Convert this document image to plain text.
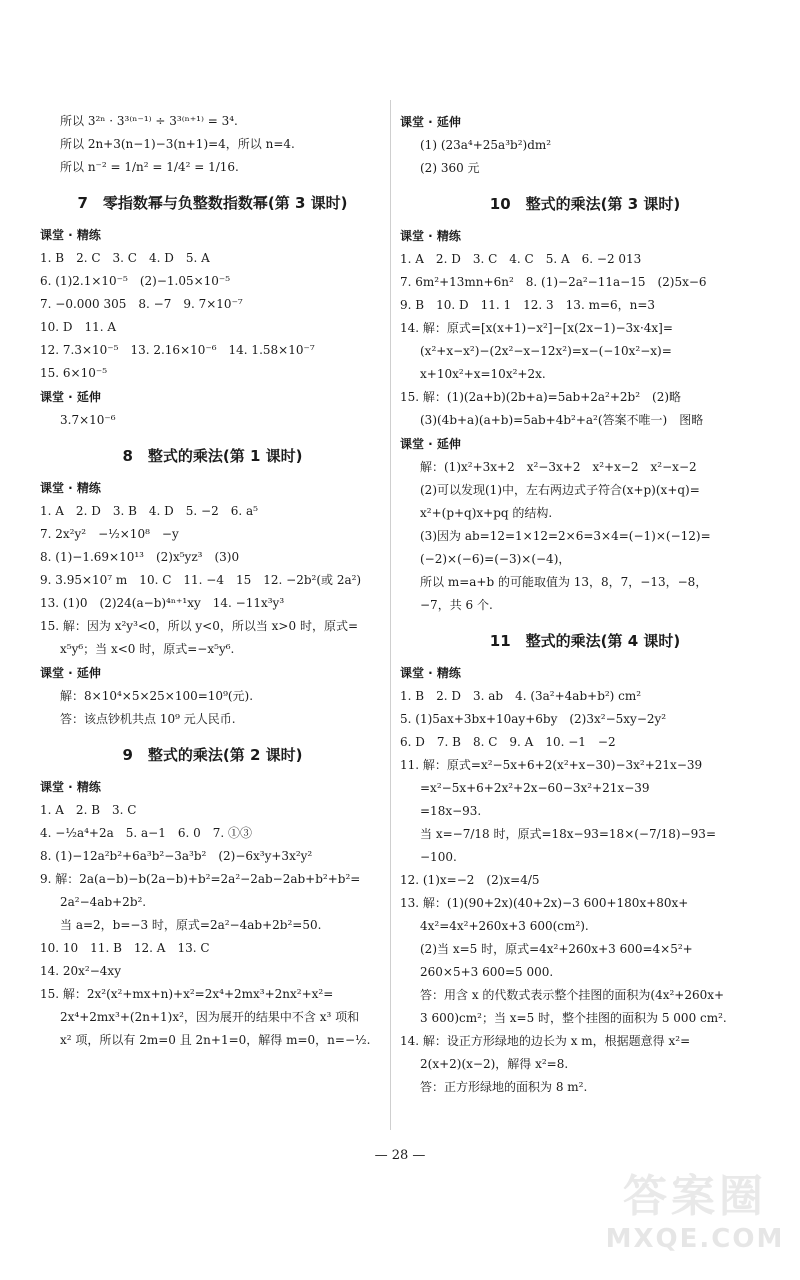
所以 3²ⁿ · 3³⁽ⁿ⁻¹⁾ ÷ 3³⁽ⁿ⁺¹⁾ = 3⁴.
所以 2n+3(n−1)−3(n+1)=4，所以 n=4.
所以 n⁻² = 1/n² = 1/4² = 1/16.
7　零指数幂与负整数指数幂(第 3 课时)
课堂 · 精练
1. B　2. C　3. C　4. D　5. A
6. (1)2.1×10⁻⁵　(2)−1.05×10⁻⁵
7. −0.000 305　8. −7　9. 7×10⁻⁷
10. D　11. A
12. 7.3×10⁻⁵　13. 2.16×10⁻⁶　14. 1.58×10⁻⁷
15. 6×10⁻⁵
课堂 · 延伸
3.7×10⁻⁶
8　整式的乘法(第 1 课时)
课堂 · 精练
1. A　2. D　3. B　4. D　5. −2　6. a⁵
7. 2x²y²　−½×10⁸　−y
8. (1)−1.69×10¹³　(2)x⁵yz³　(3)0
9. 3.95×10⁷ m　10. C　11. −4　15　12. −2b²(或 2a²)
13. (1)0　(2)24(a−b)⁴ⁿ⁺¹xy　14. −11x³y³
15. 解：因为 x²y³<0，所以 y<0，所以当 x>0 时，原式=
x⁵y⁶；当 x<0 时，原式=−x⁵y⁶.
课堂 · 延伸
解：8×10⁴×5×25×100=10⁹(元).
答：该点钞机共点 10⁹ 元人民币.
9　整式的乘法(第 2 课时)
课堂 · 精练
1. A　2. B　3. C
4. −½a⁴+2a　5. a−1　6. 0　7. ①③
8. (1)−12a²b²+6a³b²−3a³b²　(2)−6x³y+3x²y²
9. 解：2a(a−b)−b(2a−b)+b²=2a²−2ab−2ab+b²+b²=
2a²−4ab+2b².
当 a=2，b=−3 时，原式=2a²−4ab+2b²=50.
10. 10　11. B　12. A　13. C
14. 20x²−4xy
15. 解：2x²(x²+mx+n)+x²=2x⁴+2mx³+2nx²+x²=
2x⁴+2mx³+(2n+1)x²，因为展开的结果中不含 x³ 项和
x² 项，所以有 2m=0 且 2n+1=0，解得 m=0，n=−½.
课堂 · 延伸
(1) (23a⁴+25a³b²)dm²
(2) 360 元
10　整式的乘法(第 3 课时)
课堂 · 精练
1. A　2. D　3. C　4. C　5. A　6. −2 013
7. 6m²+13mn+6n²　8. (1)−2a²−11a−15　(2)5x−6
9. B　10. D　11. 1　12. 3　13. m=6，n=3
14. 解：原式=[x(x+1)−x²]−[x(2x−1)−3x·4x]=
(x²+x−x²)−(2x²−x−12x²)=x−(−10x²−x)=
x+10x²+x=10x²+2x.
15. 解：(1)(2a+b)(2b+a)=5ab+2a²+2b²　(2)略
(3)(4b+a)(a+b)=5ab+4b²+a²(答案不唯一)　图略
课堂 · 延伸
解：(1)x²+3x+2　x²−3x+2　x²+x−2　x²−x−2
(2)可以发现(1)中，左右两边式子符合(x+p)(x+q)=
x²+(p+q)x+pq 的结构.
(3)因为 ab=12=1×12=2×6=3×4=(−1)×(−12)=
(−2)×(−6)=(−3)×(−4)，
所以 m=a+b 的可能取值为 13，8，7，−13，−8，
−7，共 6 个.
11　整式的乘法(第 4 课时)
课堂 · 精练
1. B　2. D　3. ab　4. (3a²+4ab+b²) cm²
5. (1)5ax+3bx+10ay+6by　(2)3x²−5xy−2y²
6. D　7. B　8. C　9. A　10. −1　−2
11. 解：原式=x²−5x+6+2(x²+x−30)−3x²+21x−39
=x²−5x+6+2x²+2x−60−3x²+21x−39
=18x−93.
当 x=−7/18 时，原式=18x−93=18×(−7/18)−93=
−100.
12. (1)x=−2　(2)x=4/5
13. 解：(1)(90+2x)(40+2x)−3 600+180x+80x+
4x²=4x²+260x+3 600(cm²).
(2)当 x=5 时，原式=4x²+260x+3 600=4×5²+
260×5+3 600=5 000.
答：用含 x 的代数式表示整个挂图的面积为(4x²+260x+
3 600)cm²；当 x=5 时，整个挂图的面积为 5 000 cm².
14. 解：设正方形绿地的边长为 x m，根据题意得 x²=
2(x+2)(x−2)，解得 x²=8.
答：正方形绿地的面积为 8 m².
— 28 —
答案圈
MXQE.COM
